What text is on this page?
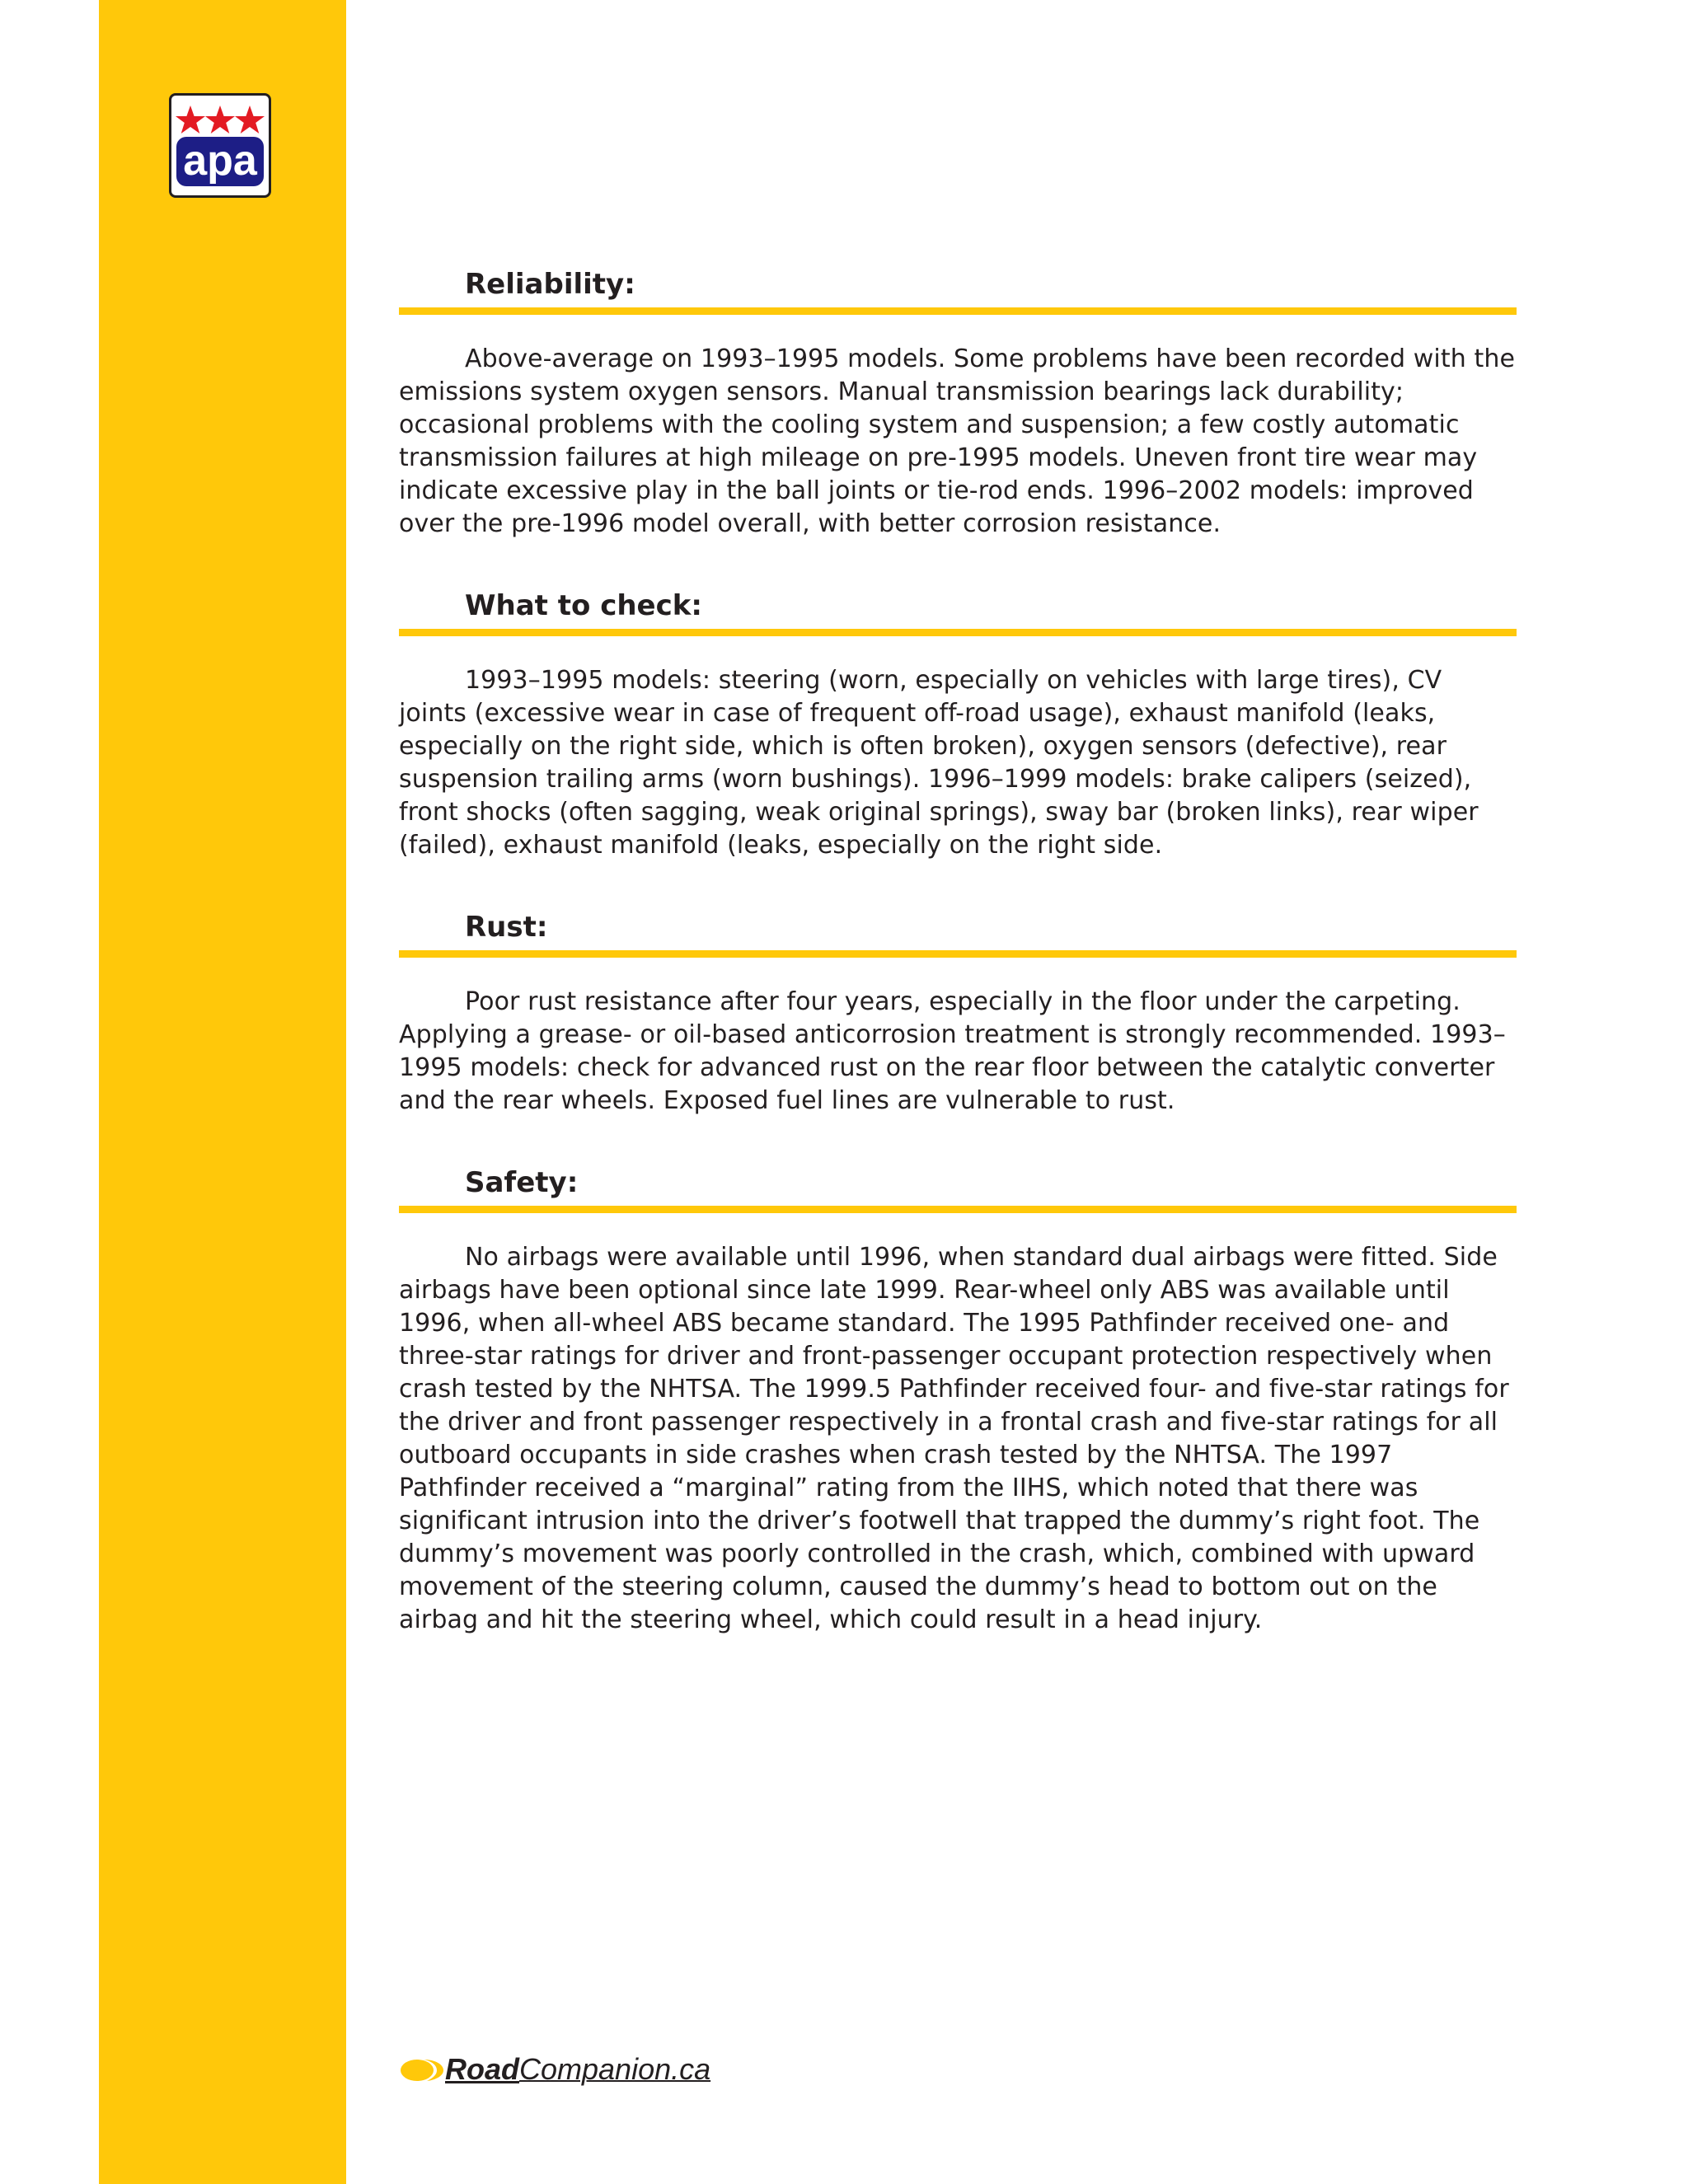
apa
Reliability:

Above-average on 1993–1995 models. Some problems have been recorded with the emissions system oxygen sensors. Manual transmission bearings lack durability; occasional problems with the cooling system and suspension; a few costly automatic transmission failures at high mileage on pre-1995 models. Uneven front tire wear may indicate excessive play in the ball joints or tie-rod ends. 1996–2002 models: improved over the pre-1996 model overall, with better corrosion resistance.

What to check:

1993–1995 models: steering (worn, especially on vehicles with large tires), CV joints (excessive wear in case of frequent off-road usage), exhaust manifold (leaks, especially on the right side, which is often broken), oxygen sensors (defective), rear suspension trailing arms (worn bushings). 1996–1999 models: brake calipers (seized), front shocks (often sagging, weak original springs), sway bar (broken links), rear wiper (failed), exhaust manifold (leaks, especially on the right side.

Rust:

Poor rust resistance after four years, especially in the floor under the carpeting. Applying a grease- or oil-based anticorrosion treatment is strongly recommended. 1993–1995 models: check for advanced rust on the rear floor between the catalytic converter and the rear wheels. Exposed fuel lines are vulnerable to rust.

Safety:

No airbags were available until 1996, when standard dual airbags were fitted. Side airbags have been optional since late 1999. Rear-wheel only ABS was available until 1996, when all-wheel ABS became standard. The 1995 Pathfinder received one- and three-star ratings for driver and front-passenger occupant protection respectively when crash tested by the NHTSA. The 1999.5 Pathfinder received four- and five-star ratings for the driver and front passenger respectively in a frontal crash and five-star ratings for all outboard occupants in side crashes when crash tested by the NHTSA. The 1997 Pathfinder received a “marginal” rating from the IIHS, which noted that there was significant intrusion into the driver’s footwell that trapped the dummy’s right foot. The dummy’s movement was poorly controlled in the crash, which, combined with upward movement of the steering column, caused the dummy’s head to bottom out on the airbag and hit the steering wheel, which could result in a head injury.

RoadCompanion.ca
